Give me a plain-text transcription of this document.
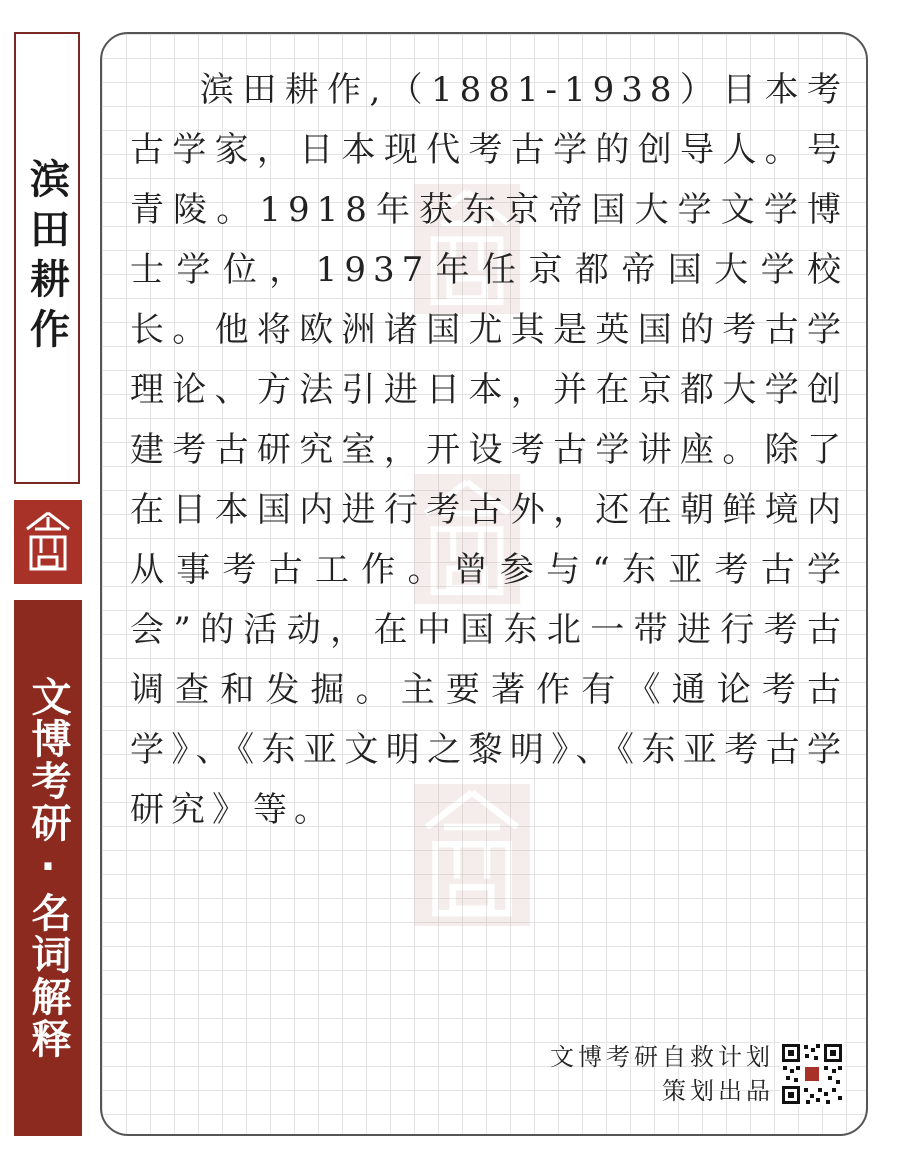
滨田耕作
文博考研·名词解释

滨田耕作,（1881-1938）日本考古学家，日本现代考古学的创导人。号青陵。1918年获东京帝国大学文学博士学位，1937年任京都帝国大学校长。他将欧洲诸国尤其是英国的考古学理论、方法引进日本，并在京都大学创建考古研究室，开设考古学讲座。除了在日本国内进行考古外，还在朝鲜境内从事考古工作。曾参与“东亚考古学会”的活动，在中国东北一带进行考古调查和发掘。主要著作有《通论考古学》、《东亚文明之黎明》、《东亚考古学研究》等。

文博考研自救计划
策划出品
